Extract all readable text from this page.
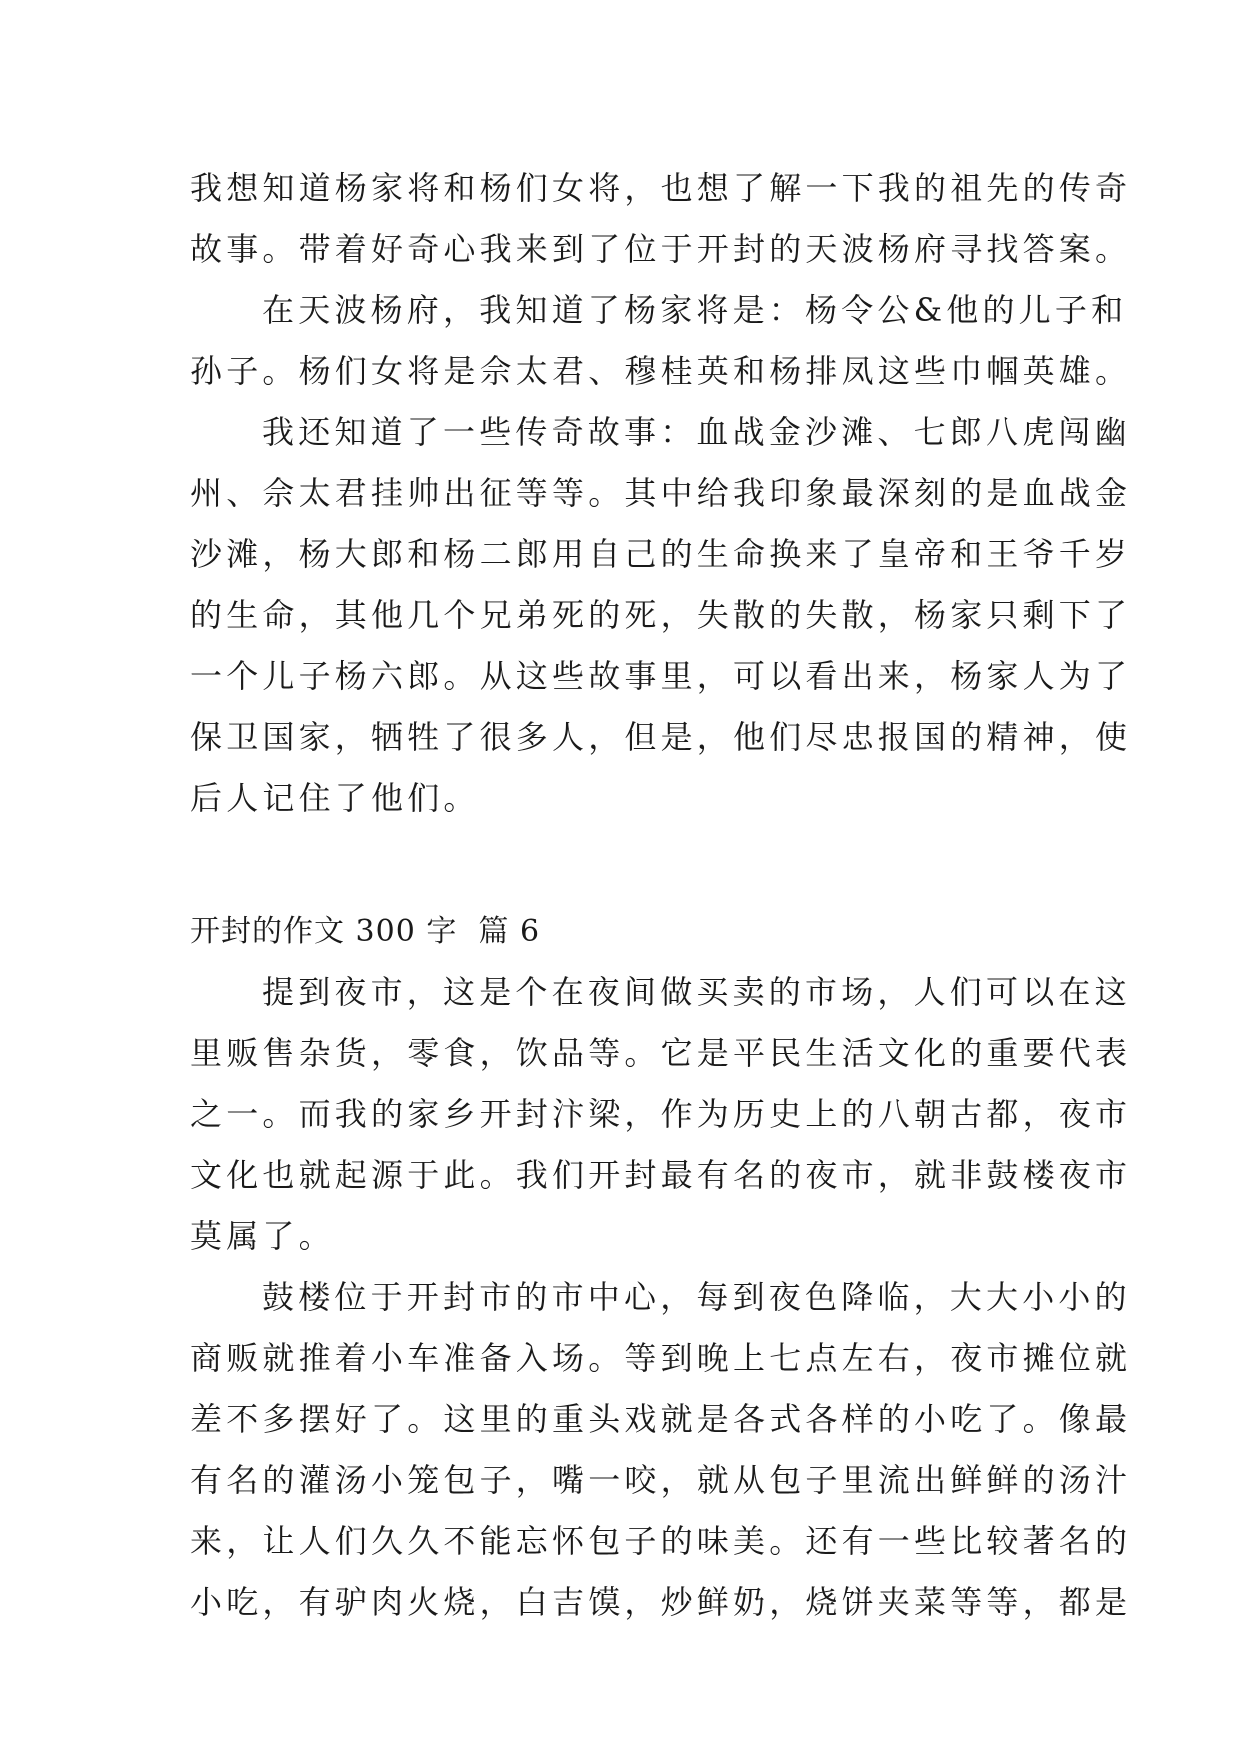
我想知道杨家将和杨们女将，也想了解一下我的祖先的传奇
故事。带着好奇心我来到了位于开封的天波杨府寻找答案。
在天波杨府，我知道了杨家将是：杨令公&他的儿子和
孙子。杨们女将是佘太君、穆桂英和杨排凤这些巾帼英雄。
我还知道了一些传奇故事：血战金沙滩、七郎八虎闯幽
州、佘太君挂帅出征等等。其中给我印象最深刻的是血战金
沙滩，杨大郎和杨二郎用自己的生命换来了皇帝和王爷千岁
的生命，其他几个兄弟死的死，失散的失散，杨家只剩下了
一个儿子杨六郎。从这些故事里，可以看出来，杨家人为了
保卫国家，牺牲了很多人，但是，他们尽忠报国的精神，使
后人记住了他们。
开封的作文 300 字  篇 6
提到夜市，这是个在夜间做买卖的市场，人们可以在这
里贩售杂货，零食，饮品等。它是平民生活文化的重要代表
之一。而我的家乡开封汴梁，作为历史上的八朝古都，夜市
文化也就起源于此。我们开封最有名的夜市，就非鼓楼夜市
莫属了。
鼓楼位于开封市的市中心，每到夜色降临，大大小小的
商贩就推着小车准备入场。等到晚上七点左右，夜市摊位就
差不多摆好了。这里的重头戏就是各式各样的小吃了。像最
有名的灌汤小笼包子，嘴一咬，就从包子里流出鲜鲜的汤汁
来，让人们久久不能忘怀包子的味美。还有一些比较著名的
小吃，有驴肉火烧，白吉馍，炒鲜奶，烧饼夹菜等等，都是
